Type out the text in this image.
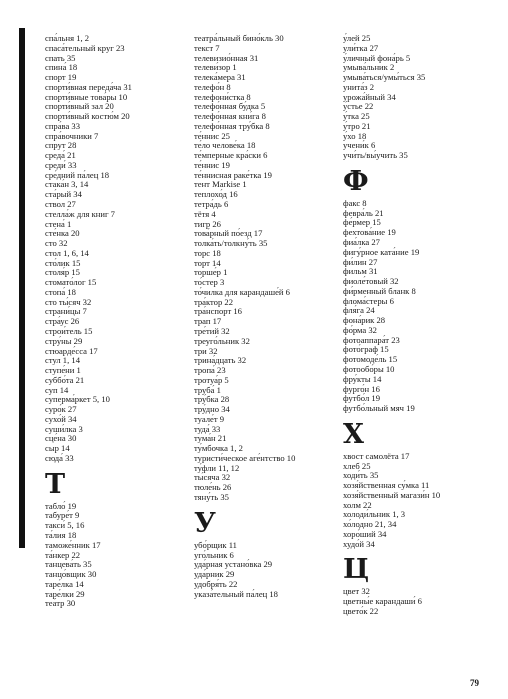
спа́льня 1, 2
спаса́тельный круг 23
спать 35
спина́ 18
спорт 19
спорти́вная переда́ча 31
спорти́вные това́ры 10
спорти́вный зал 20
спорти́вный костю́м 20
спра́ва 33
спра́вочники 7
спрут 28
среда́ 21
среди́ 33
сре́дний па́лец 18
стака́н 3, 14
ста́рый 34
ствол 27
стелла́ж для книг 7
стена́ 1
сте́нка 20
сто 32
стол 1, 6, 14
сто́лик 15
столя́р 15
стомато́лог 15
стопа́ 18
сто ты́сяч 32
страни́цы 7
стра́ус 26
строи́тель 15
стру́ны 29
стюарде́сса 17
стул 1, 14
ступе́ни 1
суббо́та 21
суп 14
суперма́ркет 5, 10
суро́к 27
сухо́й 34
суши́лка 3
сце́на 30
сыр 14
сюда́ 33
Т
табло́ 19
табуре́т 9
такси́ 5, 16
та́лия 18
таможе́нник 17
та́нкер 22
танцева́ть 35
танцо́вщик 30
таре́лка 14
таре́лки 29
теа́тр 30
театра́льный бино́кль 30
текст 7
телевизио́нная 31
телеви́зор 1
телека́мера 31
телефо́н 8
телефони́стка 8
телефо́нная бу́дка 5
телефо́нная кни́га 8
телефо́нная тру́бка 8
те́ннис 25
те́ло челове́ка 18
те́мперные кра́ски 6
те́ннис 19
те́ннисная раке́тка 19
тент Markise 1
теплохо́д 16
тетра́дь 6
тётя 4
тигр 26
това́рный по́езд 17
толка́ть/толкну́ть 35
торс 18
торт 14
торше́р 1
то́стер 3
то́чилка для карандаше́й 6
тра́ктор 22
тра́нспорт 16
трап 17
тре́тий 32
треуго́льник 32
три 32
трина́дцать 32
тропа́ 23
тротуа́р 5
труба́ 1
тру́бка 28
тру́дно 34
туале́т 9
туда́ 33
тума́н 21
ту́мбочка 1, 2
туристи́ческое аге́нтство 10
ту́фли 11, 12
ты́сяча 32
тюле́нь 26
тяну́ть 35
У
убо́рщик 11
уго́льник 6
уда́рная устано́вка 29
уда́рник 29
удобря́ть 22
указа́тельный па́лец 18
у́лей 25
ули́тка 27
у́личный фона́рь 5
умыва́льник 2
умыва́ться/умы́ться 35
унита́з 2
урожа́йный 34
у́стье 22
у́тка 25
у́тро 21
у́хо 18
учени́к 6
учи́ть/вы́учить 35
Ф
факс 8
февра́ль 21
фе́рмер 15
фехтова́ние 19
фиа́лка 27
фигу́рное ката́ние 19
фи́лин 27
фильм 31
фиоле́товый 32
фи́рменный бланк 8
флома́стеры 6
фля́га 24
фона́рик 28
фо́рма 32
фотоаппара́т 23
фото́граф 15
фотомоде́ль 15
фотообо́ры 10
фру́кты 14
фурго́н 16
футбо́л 19
футбо́льный мяч 19
Х
хвост самолёта 17
хлеб 25
ходи́ть 35
хозя́йственная су́мка 11
хозя́йственный магази́н 10
холм 22
холоди́льник 1, 3
хо́лодно 21, 34
хоро́ший 34
худо́й 34
Ц
цвет 32
цветны́е карандаши́ 6
цвето́к 22
79
